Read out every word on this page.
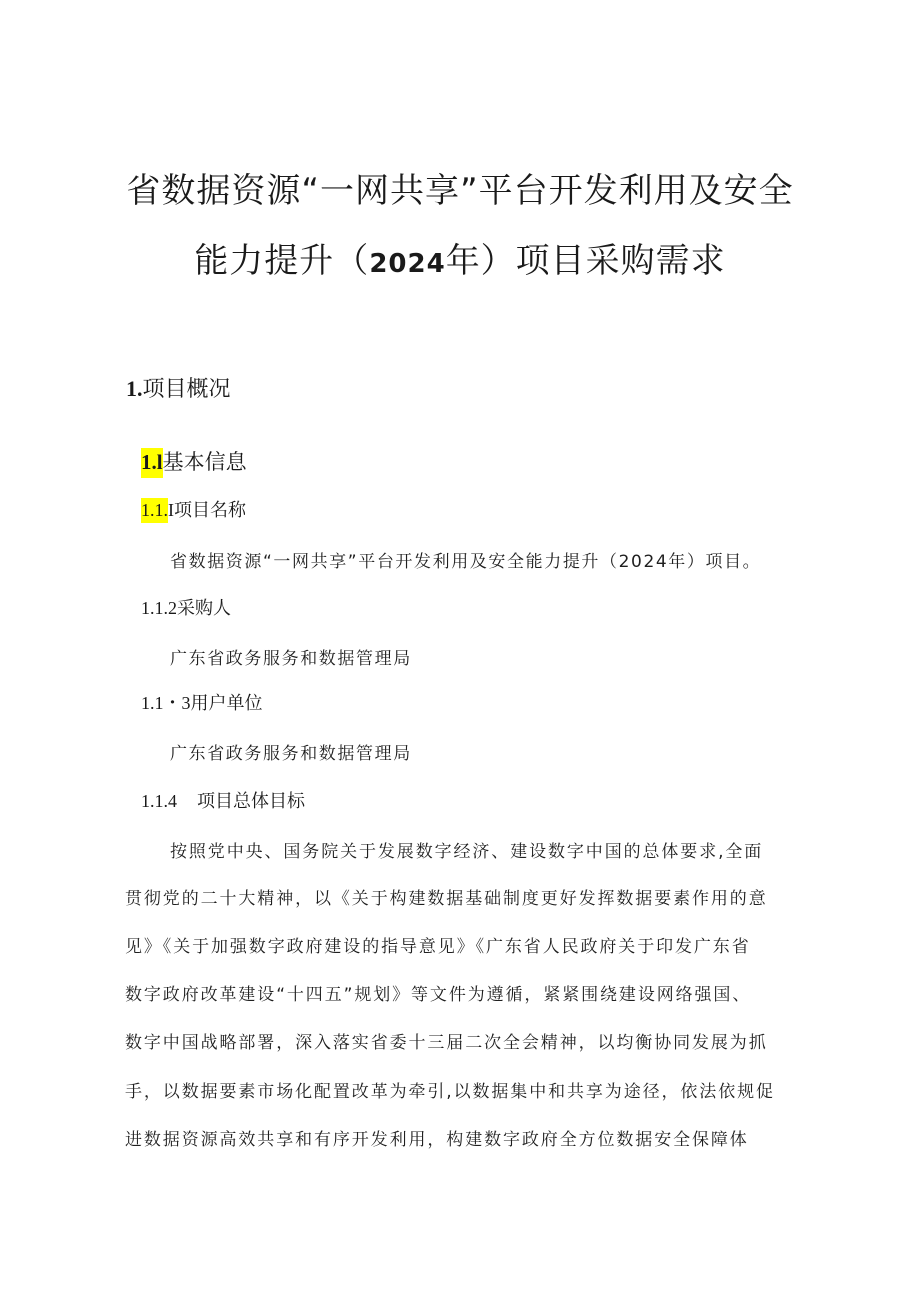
省数据资源“一网共享”平台开发利用及安全
能力提升（2024年）项目采购需求
1.项目概况
1.l基本信息
1.1.I项目名称
省数据资源“一网共享”平台开发利用及安全能力提升（2024年）项目。
1.1.2采购人
广东省政务服务和数据管理局
1.1・3用户单位
广东省政务服务和数据管理局
1.1.4 项目总体目标
按照党中央、国务院关于发展数字经济、建设数字中国的总体要求,全面
贯彻党的二十大精神，以《关于构建数据基础制度更好发挥数据要素作用的意
见》《关于加强数字政府建设的指导意见》《广东省人民政府关于印发广东省
数字政府改革建设“十四五”规划》等文件为遵循，紧紧围绕建设网络强国、
数字中国战略部署，深入落实省委十三届二次全会精神，以均衡协同发展为抓
手，以数据要素市场化配置改革为牵引,以数据集中和共享为途径，依法依规促
进数据资源高效共享和有序开发利用，构建数字政府全方位数据安全保障体
